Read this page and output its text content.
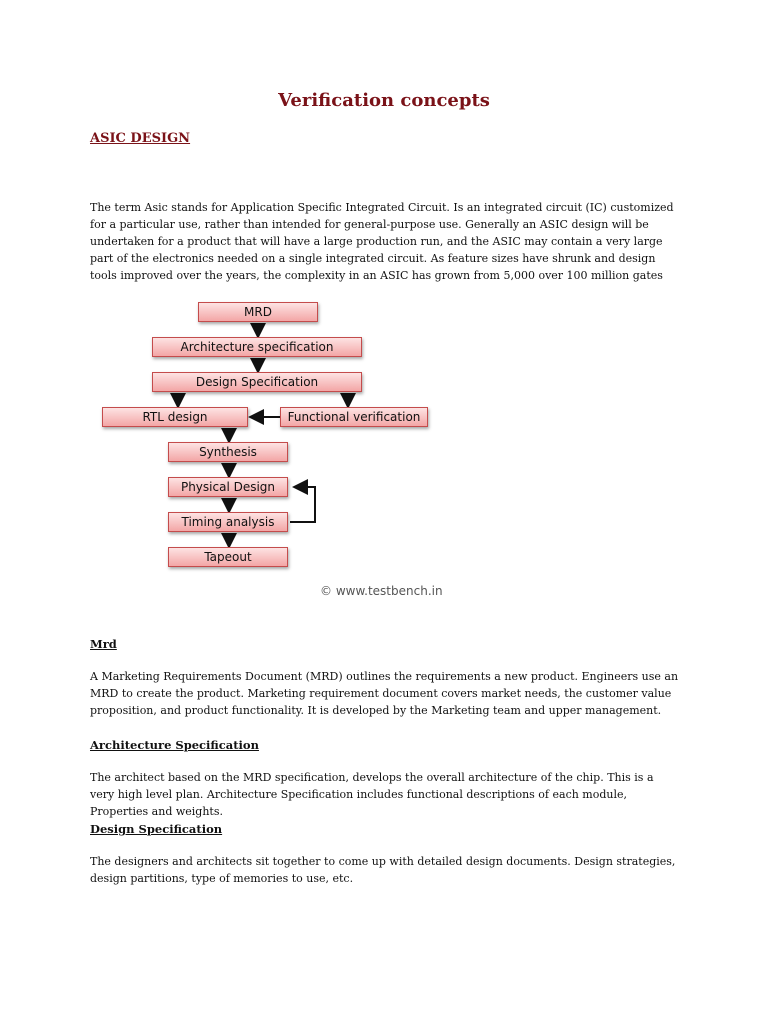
Verification concepts
ASIC DESIGN
The term Asic stands for Application Specific Integrated Circuit. Is an integrated circuit (IC) customized for a particular use, rather than intended for general-purpose use. Generally an ASIC design will be undertaken for a product that will have a large production run, and the ASIC may contain a very large part of the electronics needed on a single integrated circuit. As feature sizes have shrunk and design tools improved over the years, the complexity in an ASIC has grown from 5,000 over 100 million gates
MRD
Architecture specification
Design Specification
RTL design	Functional verification
Synthesis
Physical Design
Timing analysis
Tapeout
© www.testbench.in
Mrd
A Marketing Requirements Document (MRD) outlines the requirements a new product. Engineers use an MRD to create the product. Marketing requirement document covers market needs, the customer value proposition, and product functionality. It is developed by the Marketing team and upper management.
Architecture Specification
The architect based on the MRD specification, develops the overall architecture of the chip. This is a very high level plan. Architecture Specification includes functional descriptions of each module, Properties and weights.
Design Specification
The designers and architects sit together to come up with detailed design documents. Design strategies, design partitions, type of memories to use, etc.
